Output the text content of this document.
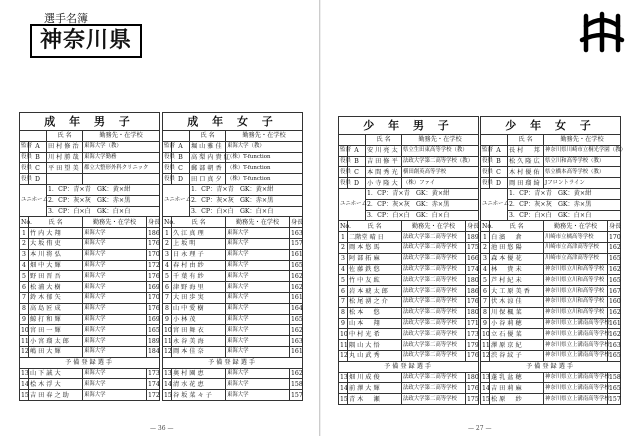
選手名簿
神奈川県
— 36 —	— 27 —
成 年 男 子				
		氏 名	勤務先・在学校	
監督	A	田 村 修 治	東海大学（教）	
役員	B	川 村 勝 哉	東海大学勤務	
役員	C	平 田 望 美	都立大整形外科クリニック	
役員	D			
ユニホーム		1．CP：青×青　GK：黄×紺		
		2．CP：灰×灰　GK：赤×黒		
		3．CP：白×白　GK：白×白		
No.	氏 名		勤務先・在学校	身長
1	竹 内 大 翔		東海大学	186
2	大 坂 侑 吏		東海大学	176
3	本 川 将 弘		東海大学	170
4	畑 中 大 輝		東海大学	172
5	野 田 晋 吾		東海大学	176
6	松 浦 大 樹		東海大学	169
7	鈴 木 郁 矢		東海大学	170
8	高 島 匠 成		東海大学	176
9	鯨 打 和 輝		東海大学	169
10	宮 田 一 輝		東海大学	165
11	小 宮 瑠 太 郎		東海大学	189
12	嶋 田 大 輝		東海大学	184
予備登録選手				
13	山 下 誠 大		東海大学	173
14	桧 木 浮 大		東海大学	174
15	吉 田 春 之 助		東海大学	172
成 年 女 子				
		氏 名	勤務先・在学校	
監督	A	堀 山 雅 佳	東海大学（教）	
役員	B	高 梨 内 貴 紅	（株）T-function	
役員	C	郵 部 朝 香	（株）T-function	
役員	D	田 口 真 夕	（株）T-function	
ユニホーム		1．CP：青×青　GK：黄×紺		
		2．CP：灰×灰　GK：赤×黒		
		3．CP：白×白　GK：白×白		
No.	氏 名		勤務先・在学校	身長
1	久 江 真 理		東海大学	163
2	上 坂 明		東海大学	157
3	日 永 理 子		東海大学	161
4	春 村 由 紗		東海大学	165
5	千 葉 有 紗		東海大学	162
6	津 野 海 里		東海大学	162
7	大 田 歩 実		東海大学	161
8	山 中 愛 樹		東海大学	164
9	小 林 茂		東海大学	165
10	宮 田 舞 衣		東海大学	162
11	永 谷 美 海		東海大学	163
12	岡 本 佳 奈		東海大学	161
予備登録選手				
13	奥 村 園 恵		東海大学	162
14	清 水 花 恵		東海大学	158
15	谷 坂 菜 々 子		東海大学	157
少 年 男 子				
		氏 名	勤務先・在学校	
監督	A	安 川 亮 太	県立生田東高等学校（教）	
役員	B	吉 田 修 平	法政大学第二高等学校（教）	
役員	C	本 間 秀 光	横田創英高等学校	
役員	D	小 寺 隆 大	（株）ファイ	
ユニホーム		1．CP：青×青　GK：黄×紺		
		2．CP：灰×灰　GK：赤×黒		
		3．CP：白×白　GK：白×白		
No.	氏 名		勤務先・在学校	身長
1	二階堂 晴 日		法政大学第二高等学校	189
2	岡 本 悠 馬		法政大学第二高等学校	175
3	阿 部 拓 麻		法政大学第二高等学校	166
4	佐 藤 鉄 悠		法政大学第二高等学校	174
5	竹 中 友 紘		法政大学第二高等学校	180
6	岩 本 琥 太 郎		法政大学第二高等学校	186
7	松 尾 湧 之 介		法政大学第二高等学校	176
8	松 本 　 悠		法政大学第二高等学校	180
9	山 本 　 翔		法政大学第二高等学校	171
10	中 村 光 希		法政大学第二高等学校	173
11	隅 山 大 悟		法政大学第二高等学校	179
12	丸 山 武 秀		法政大学第二高等学校	176
予備登録選手				
13	畑 川 成 俊		法政大学第二高等学校	180
14	前 澤 大 輝		法政大学第二高等学校	176
15	青 木 　 瀬		法政大学第二高等学校	175
少 年 女 子				
		氏 名	勤務先・在学校	
監督	A	長 村 　 邦	神奈川県川崎市立桐光学園（教）	
役員	B	松 久 隆 広	県立川和高等学校（教）	
役員	C	木 村 優 佑	県立橋本高等学校（教）	
役員	D	岡 田 瑠 綺	Jフロントライン	
ユニホーム		1．CP：青×青　GK：黄×紺		
		2．CP：灰×灰　GK：赤×黒		
		3．CP：白×白　GK：白×白		
No.	氏 名		勤務先・在学校	身長
1	白 濱 　 倉		川崎市立橘高等学校	170
2	池 田 悠 陽		川崎市立高津高等学校	162
3	森 本 優 花		川崎市立高津高等学校	165
4	林 　 貴 未		神奈川県立川和高等学校	162
5	芦 村 紀 未		神奈川県立川和高等学校	165
6	大 工 原 美 香		神奈川県立川和高等学校	167
7	伏 木 涼 佳		神奈川県立川和高等学校	160
8	川 保 楓 菜		神奈川県立川和高等学校	162
9	小 谷 莉 穂		神奈川県立上溝南高等学校	161
10	立 石 優 菜		神奈川県立上溝南高等学校	162
11	澤 原 京 紀		神奈川県立上溝南高等学校	163
12	渋 谷 紋 子		神奈川県立上溝南高等学校	165
予備登録選手				
13	蓬 乳 盆 穂		神奈川県立上溝南高等学校	158
14	吉 田 莉 麻		神奈川県立上溝南高等学校	165
15	松 原 　 紗		神奈川県立上溝南高等学校	157
